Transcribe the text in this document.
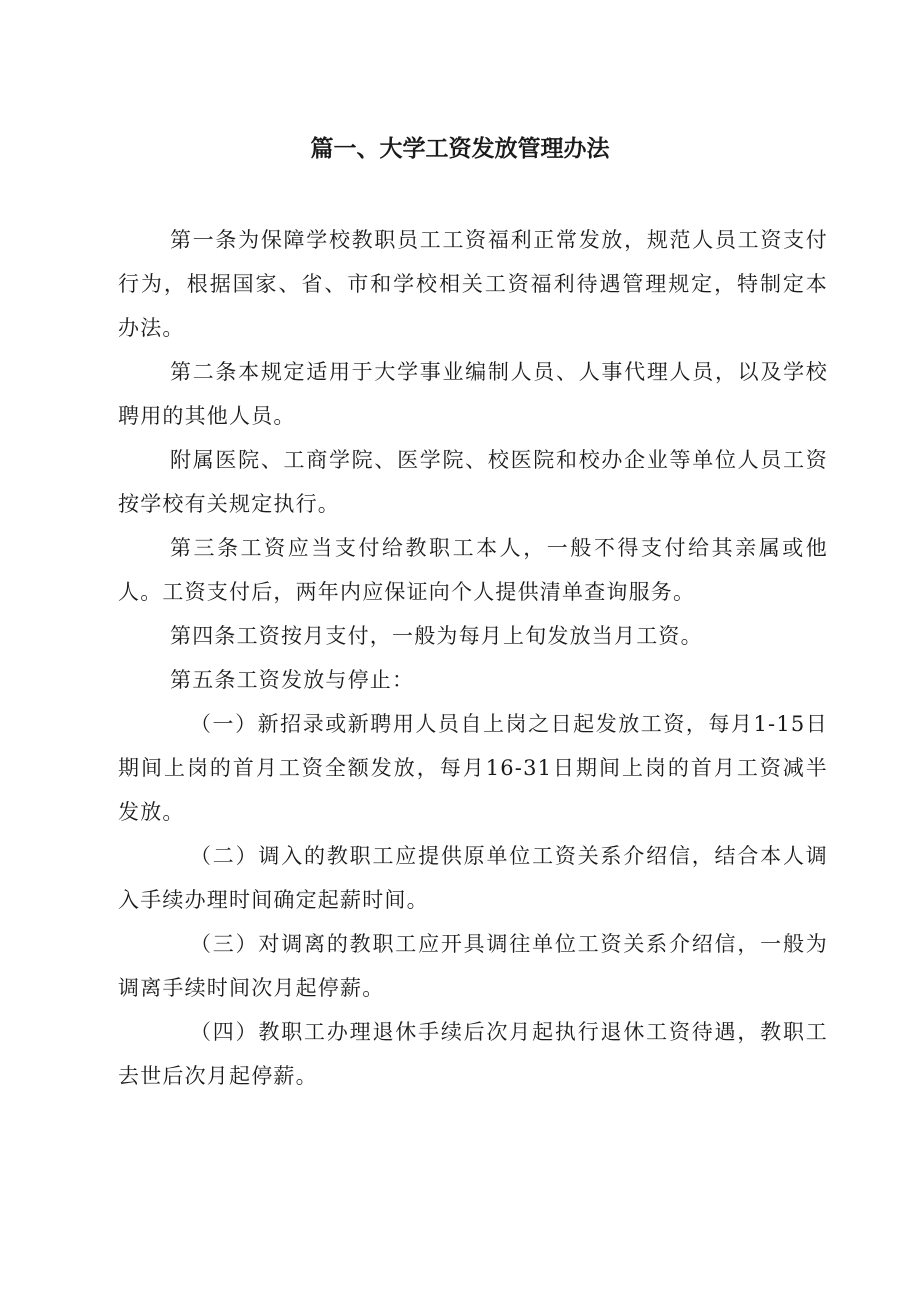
篇一、大学工资发放管理办法

第一条为保障学校教职员工工资福利正常发放，规范人员工资支付行为，根据国家、省、市和学校相关工资福利待遇管理规定，特制定本办法。

第二条本规定适用于大学事业编制人员、人事代理人员，以及学校聘用的其他人员。

附属医院、工商学院、医学院、校医院和校办企业等单位人员工资按学校有关规定执行。

第三条工资应当支付给教职工本人，一般不得支付给其亲属或他人。工资支付后，两年内应保证向个人提供清单查询服务。

第四条工资按月支付，一般为每月上旬发放当月工资。

第五条工资发放与停止：

（一）新招录或新聘用人员自上岗之日起发放工资，每月1-15日期间上岗的首月工资全额发放，每月16-31日期间上岗的首月工资减半发放。

（二）调入的教职工应提供原单位工资关系介绍信，结合本人调入手续办理时间确定起薪时间。

（三）对调离的教职工应开具调往单位工资关系介绍信，一般为调离手续时间次月起停薪。

（四）教职工办理退休手续后次月起执行退休工资待遇，教职工去世后次月起停薪。
